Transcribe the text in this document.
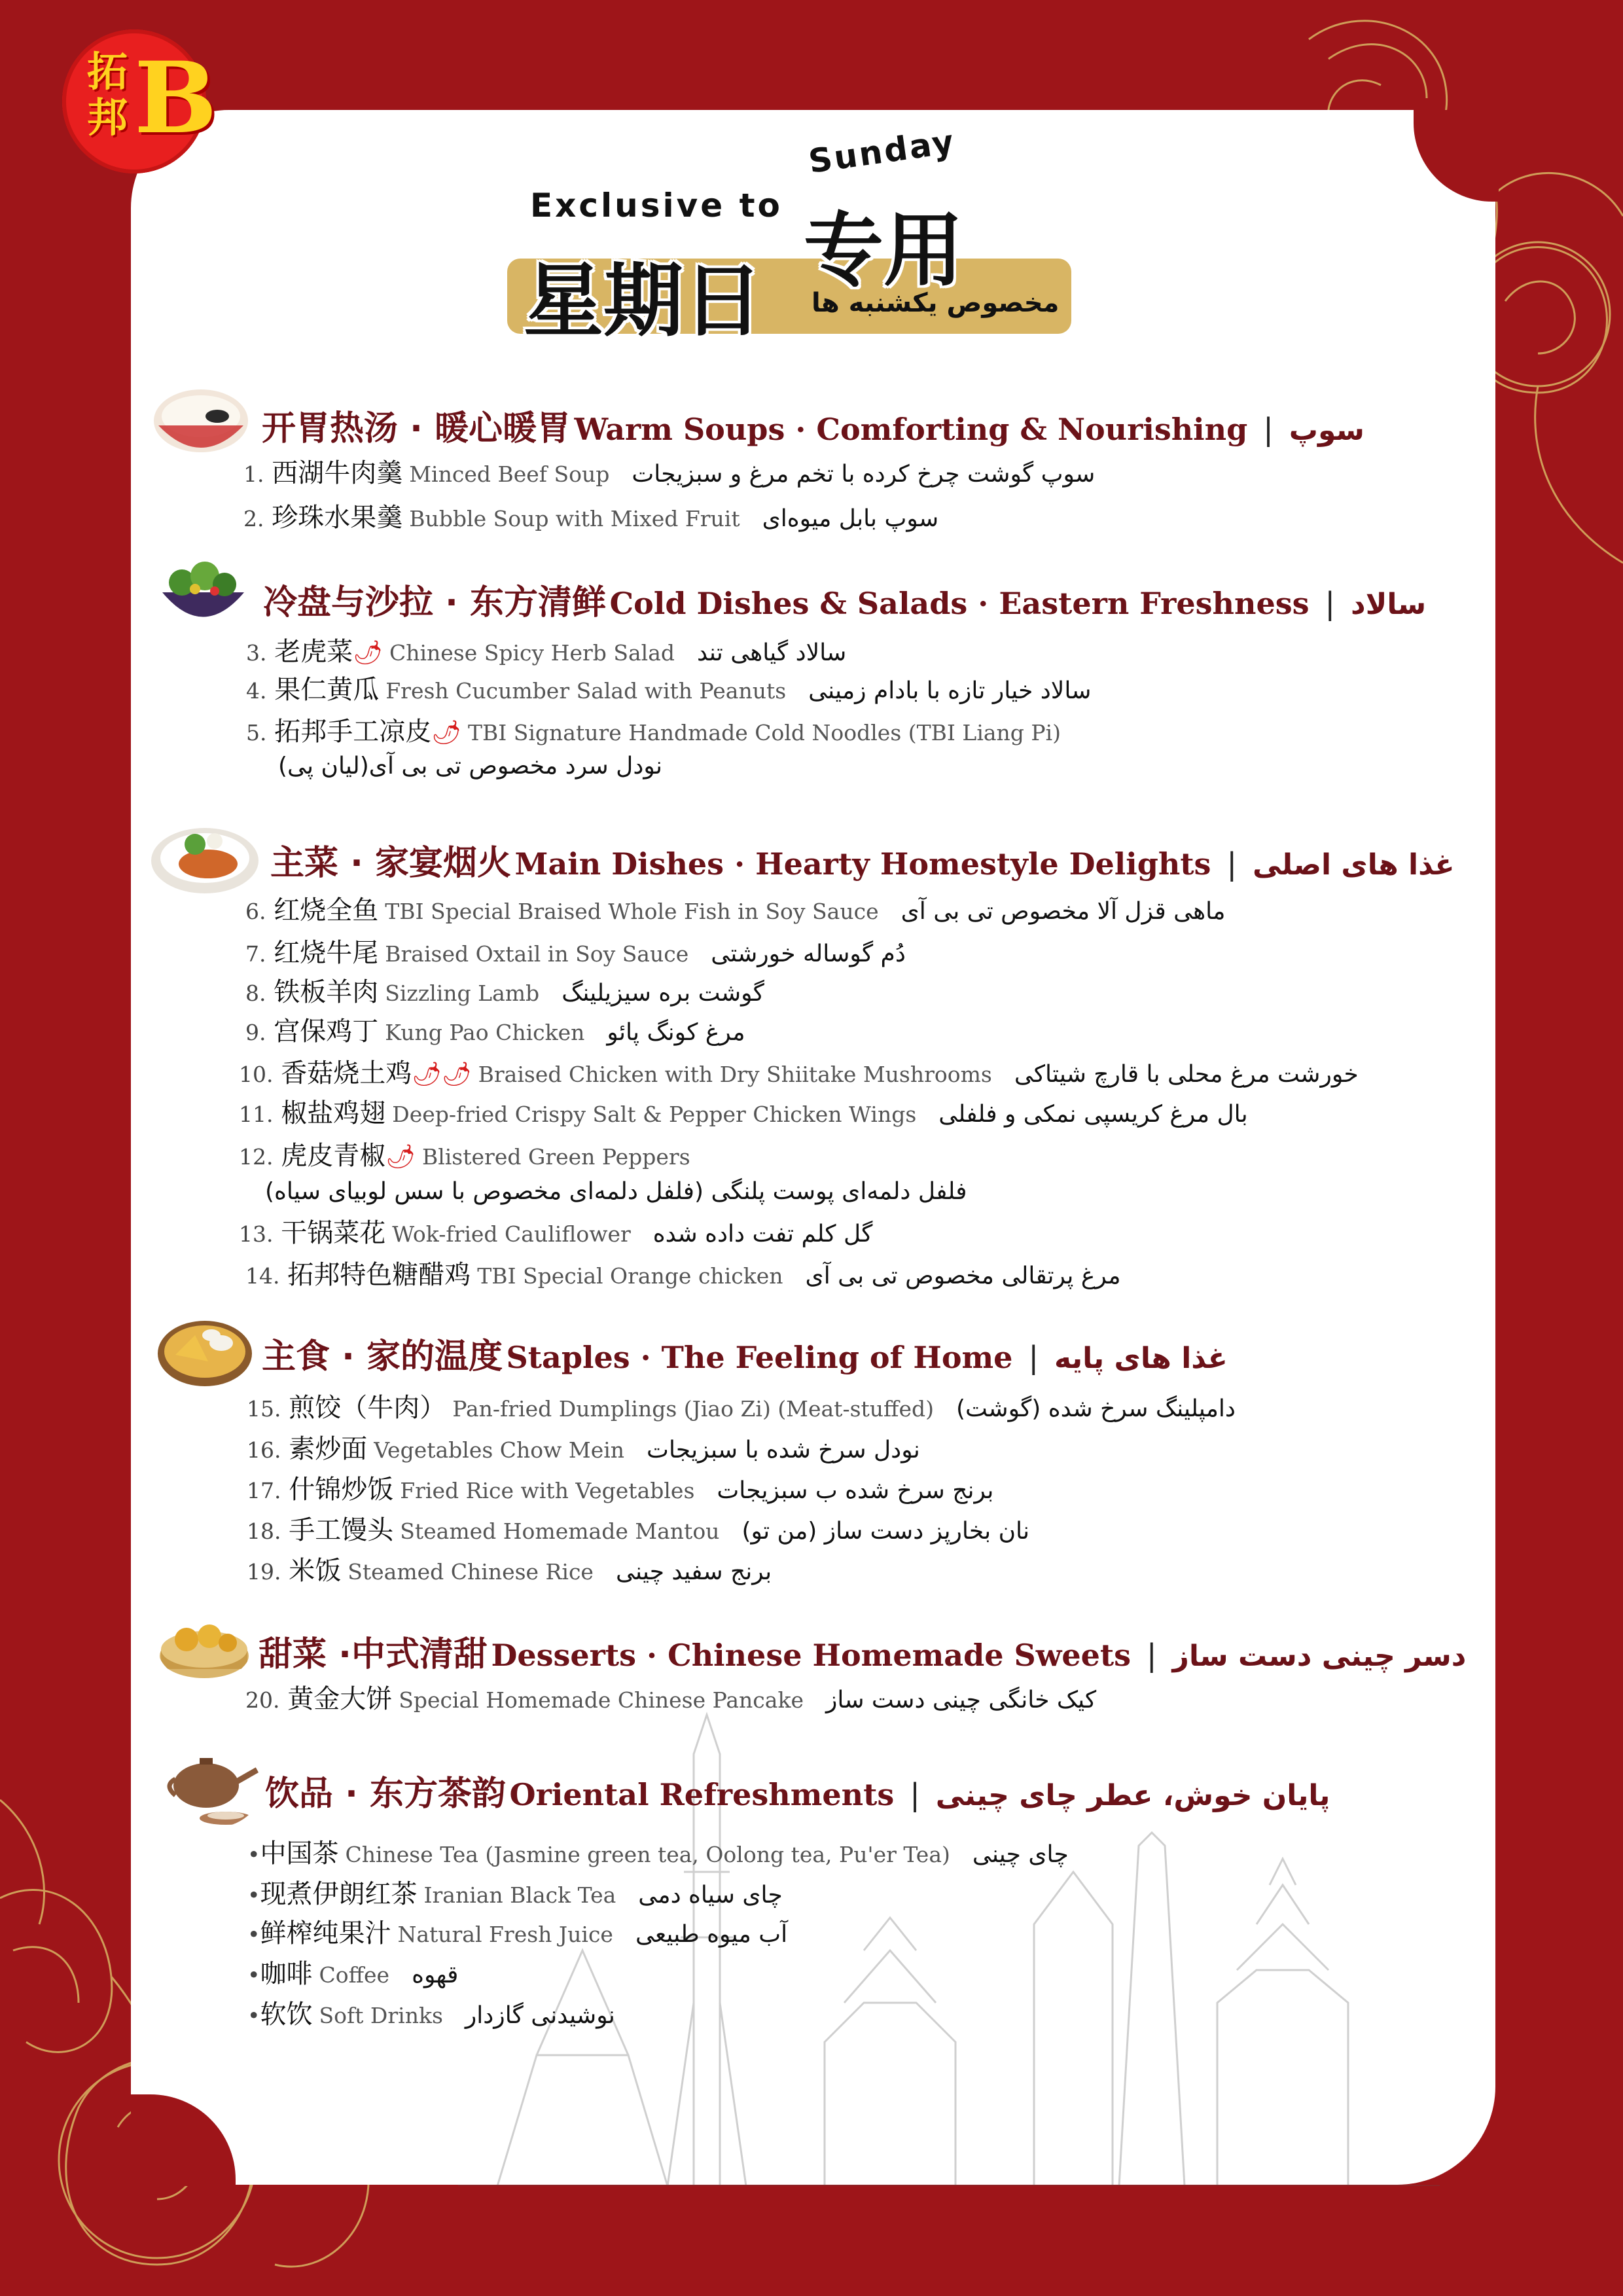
拓邦 B
Exclusive to
Sunday
星期日
专用
مخصوص یکشنبه ها
开胃热汤 · 暖心暖胃 Warm Soups · Comforting & Nourishing | سوپ
1. 西湖牛肉羹 Minced Beef Soup سوپ گوشت چرخ کرده با تخم مرغ و سبزیجات
2. 珍珠水果羹 Bubble Soup with Mixed Fruit سوپ بابل میوه‌ای
冷盘与沙拉 · 东方清鲜 Cold Dishes & Salads · Eastern Freshness | سالاد
3. 老虎菜🌶 Chinese Spicy Herb Salad سالاد گیاهی تند
4. 果仁黄瓜 Fresh Cucumber Salad with Peanuts سالاد خیار تازه با بادام زمینی
5. 拓邦手工凉皮🌶 TBI Signature Handmade Cold Noodles (TBI Liang Pi)
نودل سرد مخصوص تی بی آی(لیان پی)
主菜 · 家宴烟火 Main Dishes · Hearty Homestyle Delights | غذا های اصلی
6. 红烧全鱼 TBI Special Braised Whole Fish in Soy Sauce ماهی قزل آلا مخصوص تی بی آی
7. 红烧牛尾 Braised Oxtail in Soy Sauce دُم گوساله خورشتی
8. 铁板羊肉 Sizzling Lamb گوشت بره سیزیلینگ
9. 宫保鸡丁 Kung Pao Chicken مرغ کونگ پائو
10. 香菇烧土鸡🌶🌶 Braised Chicken with Dry Shiitake Mushrooms خورشت مرغ محلی با قارچ شیتاکی
11. 椒盐鸡翅 Deep-fried Crispy Salt & Pepper Chicken Wings بال مرغ کریسپی نمکی و فلفلی
12. 虎皮青椒🌶 Blistered Green Peppers
فلفل دلمه‌ای پوست پلنگی (فلفل دلمه‌ای مخصوص با سس لوبیای سیاه)
13. 干锅菜花 Wok-fried Cauliflower گل کلم تفت داده شده
14. 拓邦特色糖醋鸡 TBI Special Orange chicken مرغ پرتقالی مخصوص تی بی آی
主食 · 家的温度 Staples · The Feeling of Home | غذا های پایه
15. 煎饺（牛肉） Pan-fried Dumplings (Jiao Zi) (Meat-stuffed) دامپلینگ سرخ شده (گوشت)
16. 素炒面 Vegetables Chow Mein نودل سرخ شده با سبزیجات
17. 什锦炒饭 Fried Rice with Vegetables برنج سرخ شده ب سبزیجات
18. 手工馒头 Steamed Homemade Mantou نان بخارپز دست ساز (من تو)
19. 米饭 Steamed Chinese Rice برنج سفید چینی
甜菜 ·中式清甜 Desserts · Chinese Homemade Sweets | دسر چینی دست ساز
20. 黄金大饼 Special Homemade Chinese Pancake کیک خانگی چینی دست ساز
饮品 · 东方茶韵 Oriental Refreshments | پایان خوش، عطر چای چینی
•中国茶 Chinese Tea (Jasmine green tea, Oolong tea, Pu'er Tea) چای چینی
•现煮伊朗红茶 Iranian Black Tea چای سیاه دمی
•鲜榨纯果汁 Natural Fresh Juice آب میوه طبیعی
•咖啡 Coffee قهوه
•软饮 Soft Drinks نوشیدنی گازدار
